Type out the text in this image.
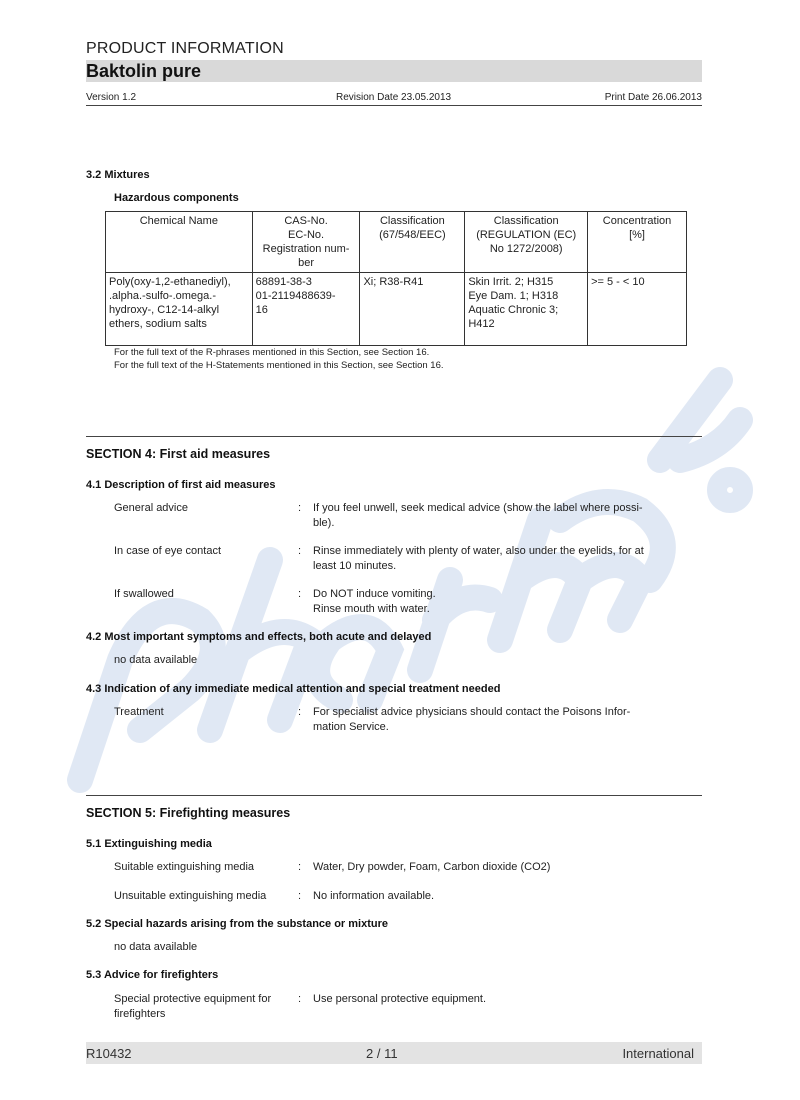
PRODUCT INFORMATION
Baktolin pure
Version 1.2	Revision Date 23.05.2013	Print Date 26.06.2013
3.2 Mixtures
Hazardous components
Chemical Name	CAS-No.
EC-No.
Registration num-
ber	Classification
(67/548/EEC)	Classification
(REGULATION (EC)
No 1272/2008)	Concentration
[%]
Poly(oxy-1,2-ethanediyl),
.alpha.-sulfo-.omega.-
hydroxy-, C12-14-alkyl
ethers, sodium salts	68891-38-3
01-2119488639-
16	Xi; R38-R41	Skin Irrit. 2; H315
Eye Dam. 1; H318
Aquatic Chronic 3;
H412	>= 5 - < 10
For the full text of the R-phrases mentioned in this Section, see Section 16.
For the full text of the H-Statements mentioned in this Section, see Section 16.
SECTION 4: First aid measures
4.1 Description of first aid measures
General advice	: If you feel unwell, seek medical advice (show the label where possi-
ble).
In case of eye contact	: Rinse immediately with plenty of water, also under the eyelids, for at
least 10 minutes.
If swallowed	: Do NOT induce vomiting.
Rinse mouth with water.
4.2 Most important symptoms and effects, both acute and delayed
no data available
4.3 Indication of any immediate medical attention and special treatment needed
Treatment	: For specialist advice physicians should contact the Poisons Infor-
mation Service.
SECTION 5: Firefighting measures
5.1 Extinguishing media
Suitable extinguishing media	: Water, Dry powder, Foam, Carbon dioxide (CO2)
Unsuitable extinguishing media	: No information available.
5.2 Special hazards arising from the substance or mixture
no data available
5.3 Advice for firefighters
Special protective equipment for
firefighters
: Use personal protective equipment.
R10432	2 / 11	International
